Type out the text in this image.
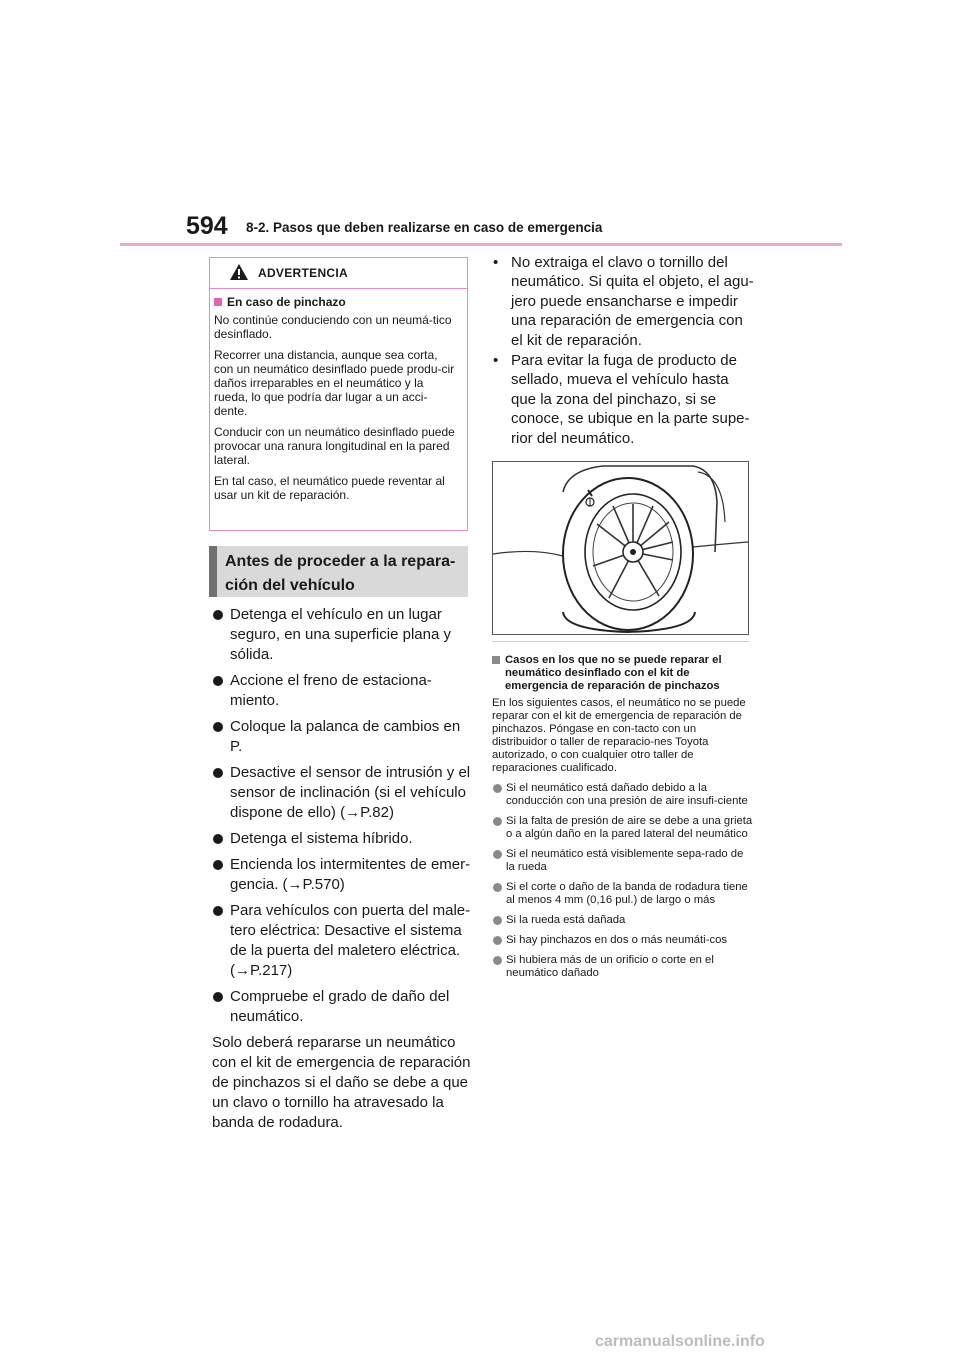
594 8-2. Pasos que deben realizarse en caso de emergencia
ADVERTENCIA
En caso de pinchazo

No continúe conduciendo con un neumá-tico desinflado.

Recorrer una distancia, aunque sea corta, con un neumático desinflado puede produ-cir daños irreparables en el neumático y la rueda, lo que podría dar lugar a un acci-dente.

Conducir con un neumático desinflado puede provocar una ranura longitudinal en la pared lateral.

En tal caso, el neumático puede reventar al usar un kit de reparación.

Antes de proceder a la repara-
ción del vehículo
Detenga el vehículo en un lugar seguro, en una superficie plana y sólida.
Accione el freno de estaciona-miento.
Coloque la palanca de cambios en P.
Desactive el sensor de intrusión y el sensor de inclinación (si el vehículo dispone de ello) (→P.82)
Detenga el sistema híbrido.
Encienda los intermitentes de emer-gencia. (→P.570)
Para vehículos con puerta del male-tero eléctrica: Desactive el sistema de la puerta del maletero eléctrica. (→P.217)
Compruebe el grado de daño del neumático.
Solo deberá repararse un neumático con el kit de emergencia de reparación de pinchazos si el daño se debe a que un clavo o tornillo ha atravesado la banda de rodadura.
• No extraiga el clavo o tornillo del neumático. Si quita el objeto, el agu-jero puede ensancharse e impedir una reparación de emergencia con el kit de reparación.
• Para evitar la fuga de producto de sellado, mueva el vehículo hasta que la zona del pinchazo, si se conoce, se ubique en la parte supe-rior del neumático.
Casos en los que no se puede reparar el neumático desinflado con el kit de emergencia de reparación de pinchazos

En los siguientes casos, el neumático no se puede reparar con el kit de emergencia de reparación de pinchazos. Póngase en con-tacto con un distribuidor o taller de reparacio-nes Toyota autorizado, o con cualquier otro taller de reparaciones cualificado.

Si el neumático está dañado debido a la conducción con una presión de aire insufi-ciente
Si la falta de presión de aire se debe a una grieta o a algún daño en la pared lateral del neumático
Si el neumático está visiblemente sepa-rado de la rueda
Si el corte o daño de la banda de rodadura tiene al menos 4 mm (0,16 pul.) de largo o más
Si la rueda está dañada
Si hay pinchazos en dos o más neumáti-cos
Si hubiera más de un orificio o corte en el neumático dañado
carmanualsonline.info
